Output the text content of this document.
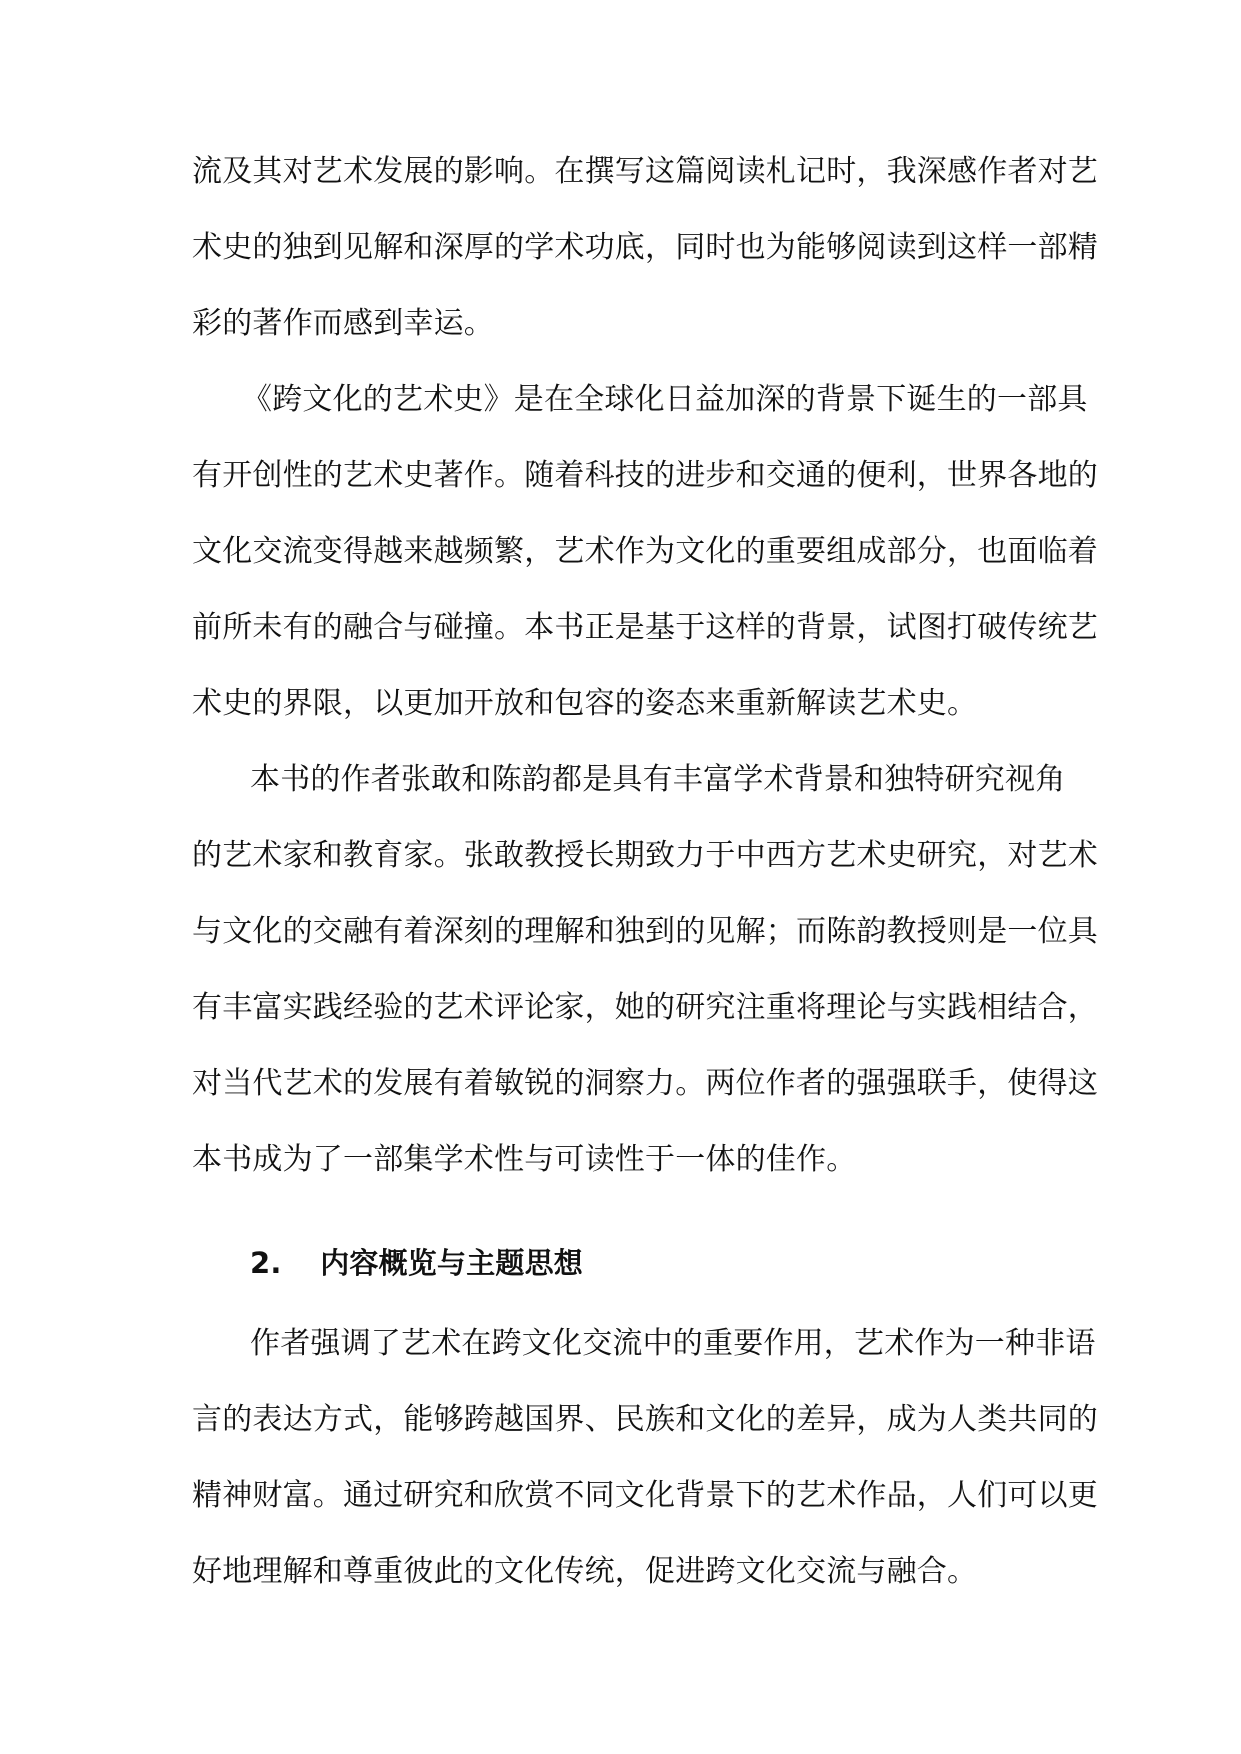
流及其对艺术发展的影响。在撰写这篇阅读札记时，我深感作者对艺
术史的独到见解和深厚的学术功底，同时也为能够阅读到这样一部精
彩的著作而感到幸运。
《跨文化的艺术史》是在全球化日益加深的背景下诞生的一部具
有开创性的艺术史著作。随着科技的进步和交通的便利，世界各地的
文化交流变得越来越频繁，艺术作为文化的重要组成部分，也面临着
前所未有的融合与碰撞。本书正是基于这样的背景，试图打破传统艺
术史的界限，以更加开放和包容的姿态来重新解读艺术史。
本书的作者张敢和陈韵都是具有丰富学术背景和独特研究视角
的艺术家和教育家。张敢教授长期致力于中西方艺术史研究，对艺术
与文化的交融有着深刻的理解和独到的见解；而陈韵教授则是一位具
有丰富实践经验的艺术评论家，她的研究注重将理论与实践相结合，
对当代艺术的发展有着敏锐的洞察力。两位作者的强强联手，使得这
本书成为了一部集学术性与可读性于一体的佳作。
2. 内容概览与主题思想
作者强调了艺术在跨文化交流中的重要作用，艺术作为一种非语
言的表达方式，能够跨越国界、民族和文化的差异，成为人类共同的
精神财富。通过研究和欣赏不同文化背景下的艺术作品，人们可以更
好地理解和尊重彼此的文化传统，促进跨文化交流与融合。
